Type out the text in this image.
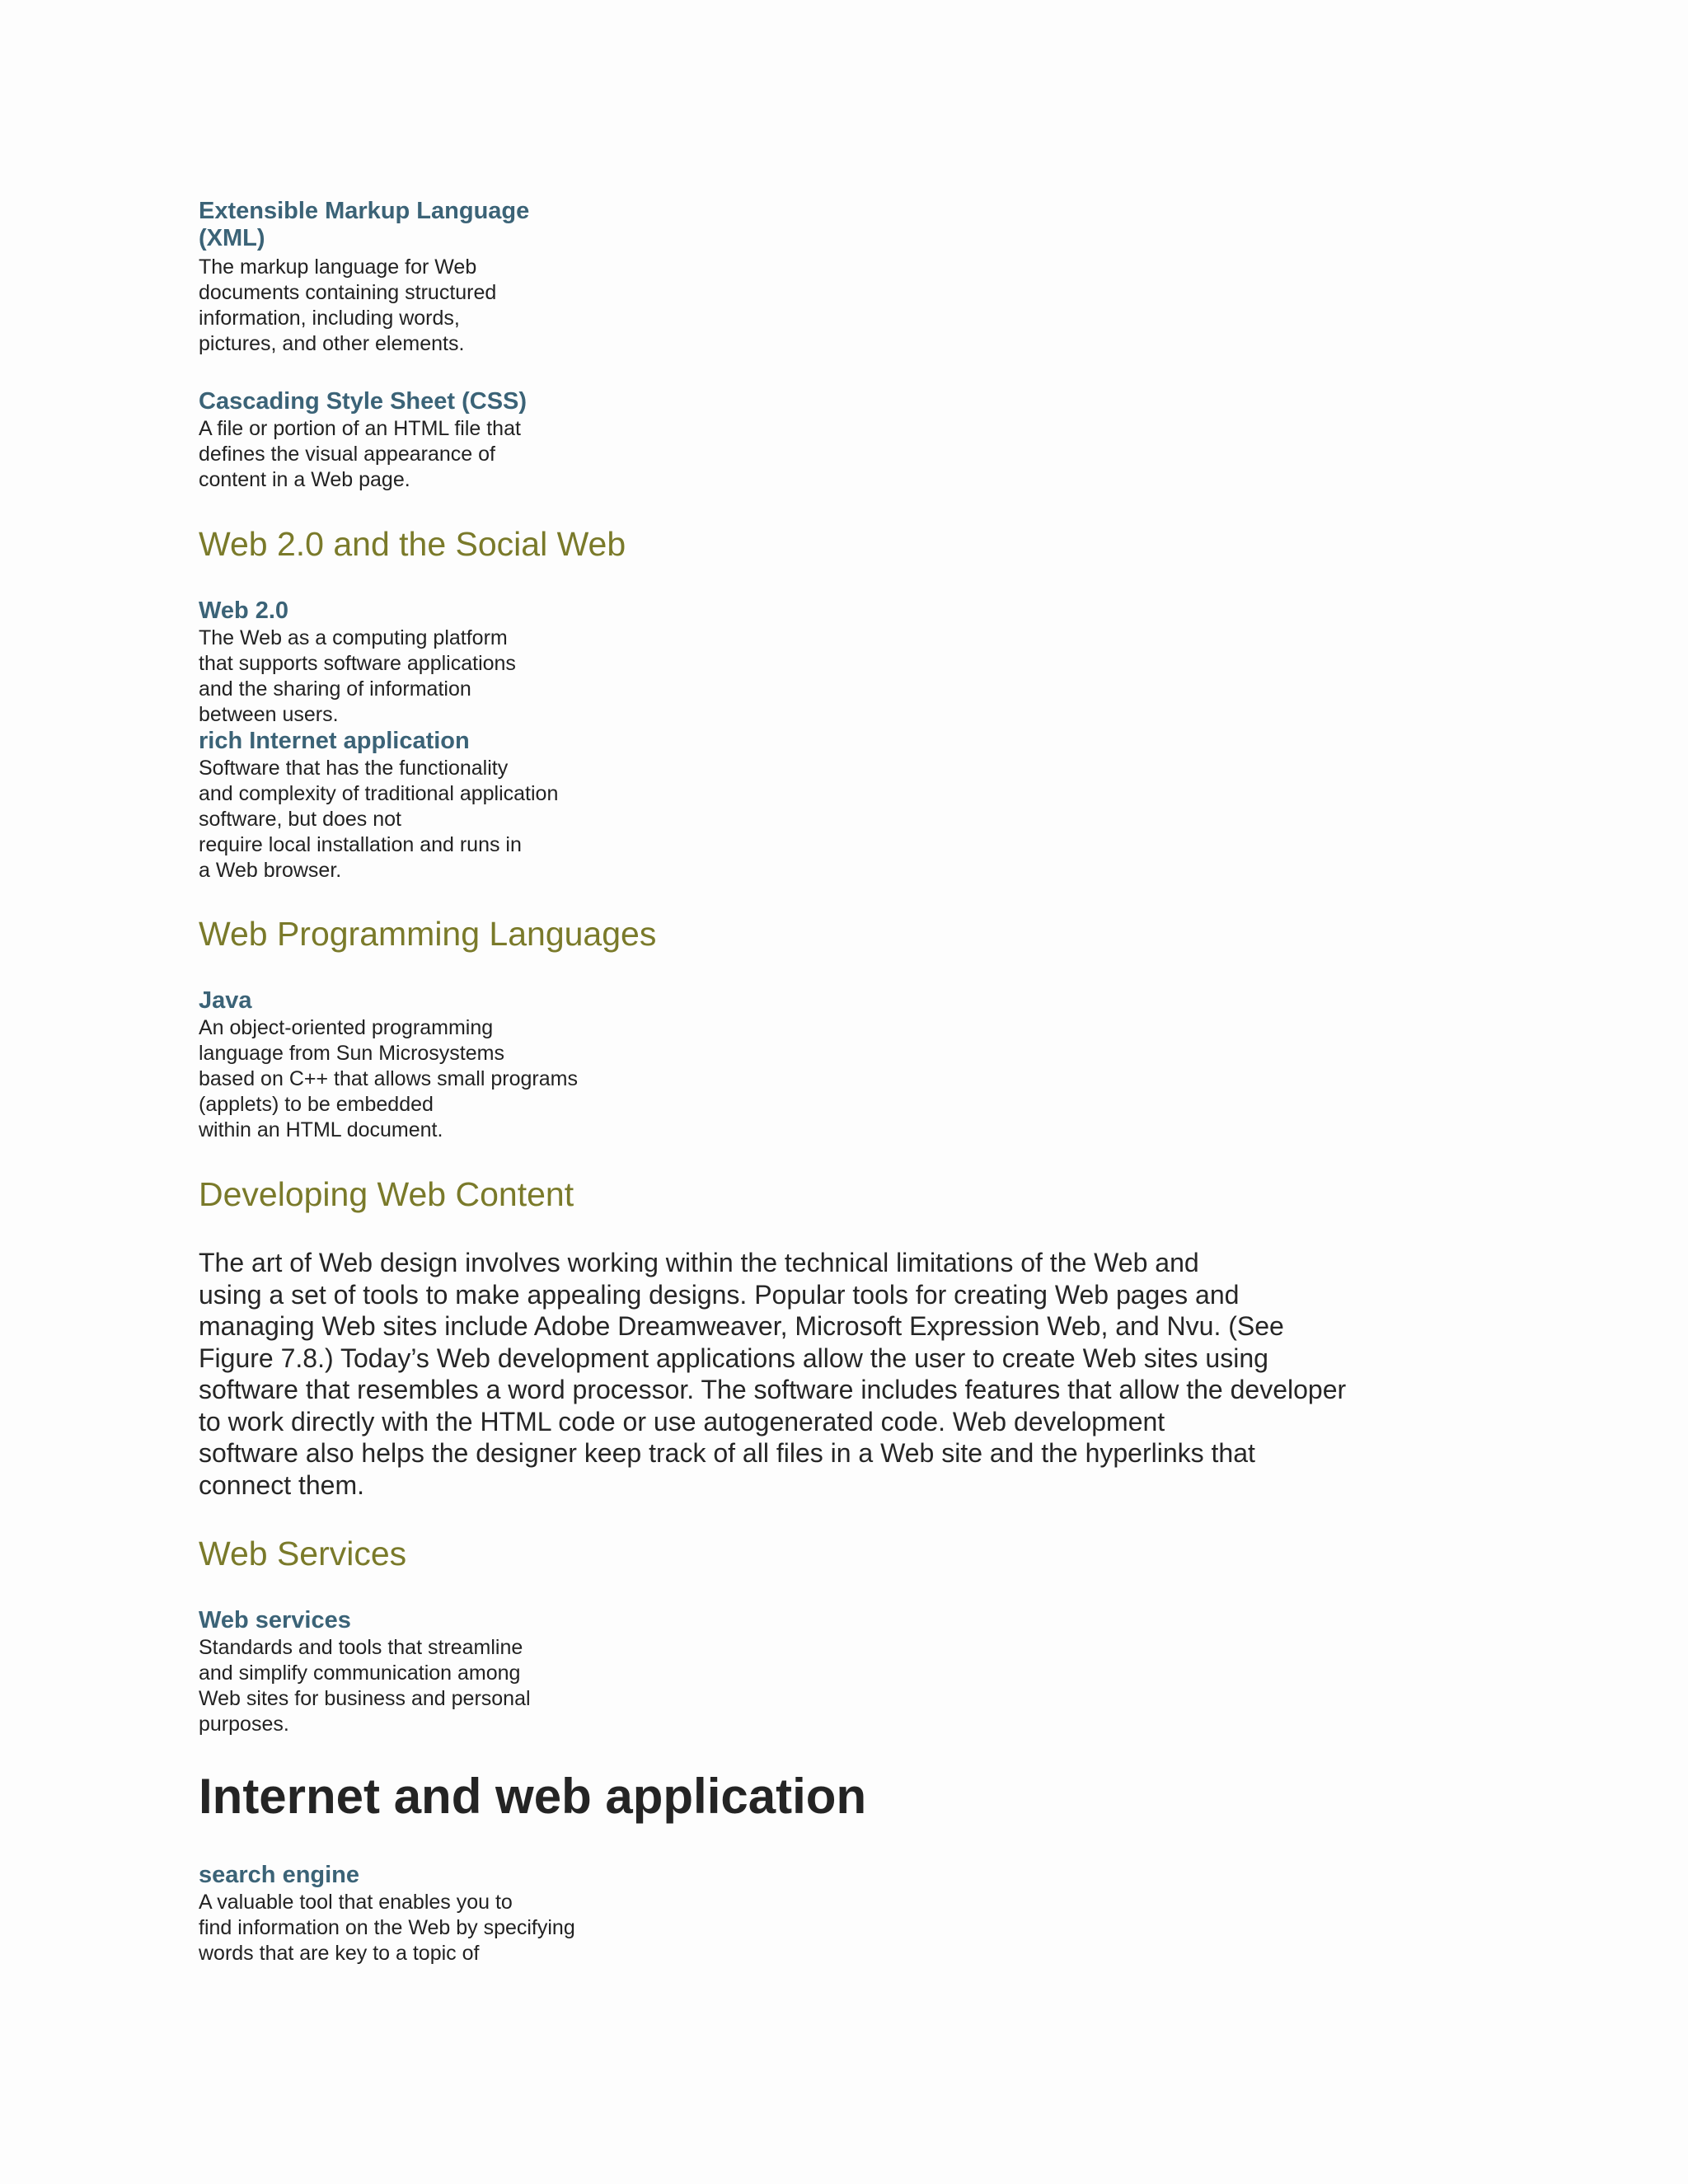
Extensible Markup Language
(XML)
The markup language for Web
documents containing structured
information, including words,
pictures, and other elements.
Cascading Style Sheet (CSS)
A file or portion of an HTML file that
defines the visual appearance of
content in a Web page.
Web 2.0 and the Social Web
Web 2.0
The Web as a computing platform
that supports software applications
and the sharing of information
between users.
rich Internet application
Software that has the functionality
and complexity of traditional application
software, but does not
require local installation and runs in
a Web browser.
Web Programming Languages
Java
An object-oriented programming
language from Sun Microsystems
based on C++ that allows small programs
(applets) to be embedded
within an HTML document.
Developing Web Content
The art of Web design involves working within the technical limitations of the Web and
using a set of tools to make appealing designs. Popular tools for creating Web pages and
managing Web sites include Adobe Dreamweaver, Microsoft Expression Web, and Nvu. (See
Figure 7.8.) Today’s Web development applications allow the user to create Web sites using
software that resembles a word processor. The software includes features that allow the developer
to work directly with the HTML code or use autogenerated code. Web development
software also helps the designer keep track of all files in a Web site and the hyperlinks that
connect them.
Web Services
Web services
Standards and tools that streamline
and simplify communication among
Web sites for business and personal
purposes.
Internet and web application
search engine
A valuable tool that enables you to
find information on the Web by specifying
words that are key to a topic of
